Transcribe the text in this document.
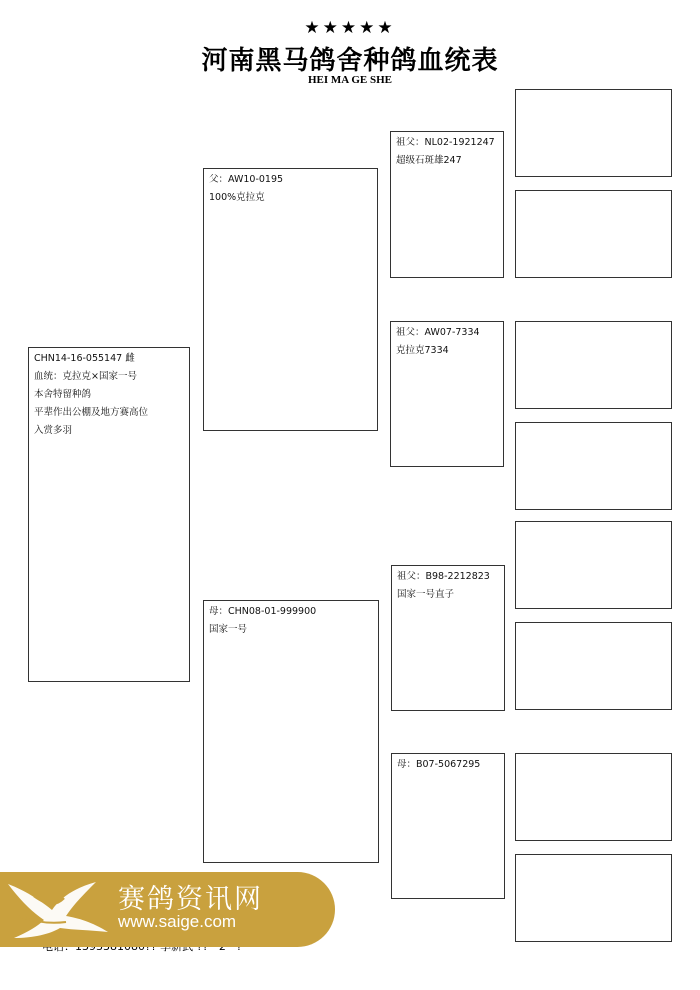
★★★★★
河南黑马鸽舍种鸽血统表
HEI MA GE SHE
CHN14-16-055147 雌
血统：克拉克×国家一号
本舍特留种鸽
平辈作出公棚及地方赛高位
入赏多羽
父：AW10-0195
100%克拉克
母：CHN08-01-999900
国家一号
祖父：NL02-1921247
超级石斑雄247
祖父：AW07-7334
克拉克7334
祖父：B98-2212823
国家一号直子
母：B07-5067295
赛鸽资讯网
www.saige.com
